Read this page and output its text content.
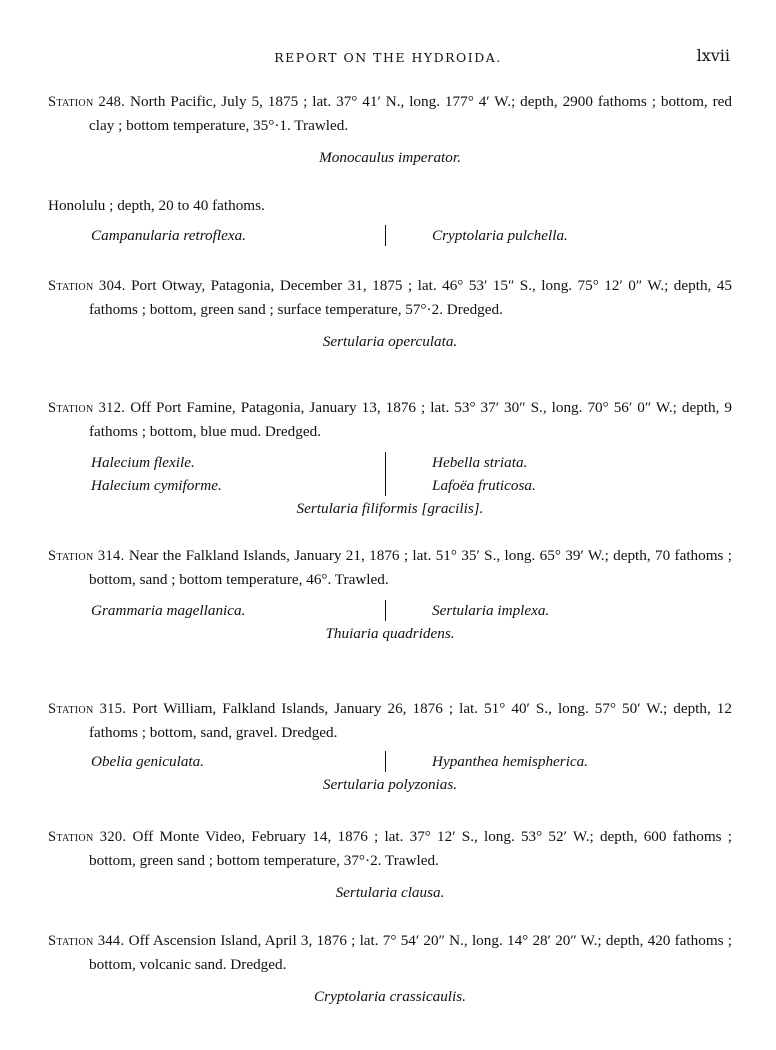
REPORT ON THE HYDROIDA.	lxvii

Station 248. North Pacific, July 5, 1875 ; lat. 37° 41′ N., long. 177° 4′ W.; depth, 2900 fathoms ; bottom, red clay ; bottom temperature, 35°·1. Trawled.

Monocaulus imperator.

Honolulu ; depth, 20 to 40 fathoms.

Campanularia retroflexa.	Cryptolaria pulchella.

Station 304. Port Otway, Patagonia, December 31, 1875 ; lat. 46° 53′ 15″ S., long. 75° 12′ 0″ W.; depth, 45 fathoms ; bottom, green sand ; surface temperature, 57°·2. Dredged.

Sertularia operculata.

Station 312. Off Port Famine, Patagonia, January 13, 1876 ; lat. 53° 37′ 30″ S., long. 70° 56′ 0″ W.; depth, 9 fathoms ; bottom, blue mud. Dredged.

Halecium flexile.	Hebella striata.
Halecium cymiforme.	Lafoëa fruticosa.
Sertularia filiformis [gracilis].

Station 314. Near the Falkland Islands, January 21, 1876 ; lat. 51° 35′ S., long. 65° 39′ W.; depth, 70 fathoms ; bottom, sand ; bottom temperature, 46°. Trawled.

Grammaria magellanica.	Sertularia implexa.
Thuiaria quadridens.

Station 315. Port William, Falkland Islands, January 26, 1876 ; lat. 51° 40′ S., long. 57° 50′ W.; depth, 12 fathoms ; bottom, sand, gravel. Dredged.

Obelia geniculata.	Hypanthea hemispherica.
Sertularia polyzonias.

Station 320. Off Monte Video, February 14, 1876 ; lat. 37° 12′ S., long. 53° 52′ W.; depth, 600 fathoms ; bottom, green sand ; bottom temperature, 37°·2. Trawled.

Sertularia clausa.

Station 344. Off Ascension Island, April 3, 1876 ; lat. 7° 54′ 20″ N., long. 14° 28′ 20″ W.; depth, 420 fathoms ; bottom, volcanic sand. Dredged.

Cryptolaria crassicaulis.
